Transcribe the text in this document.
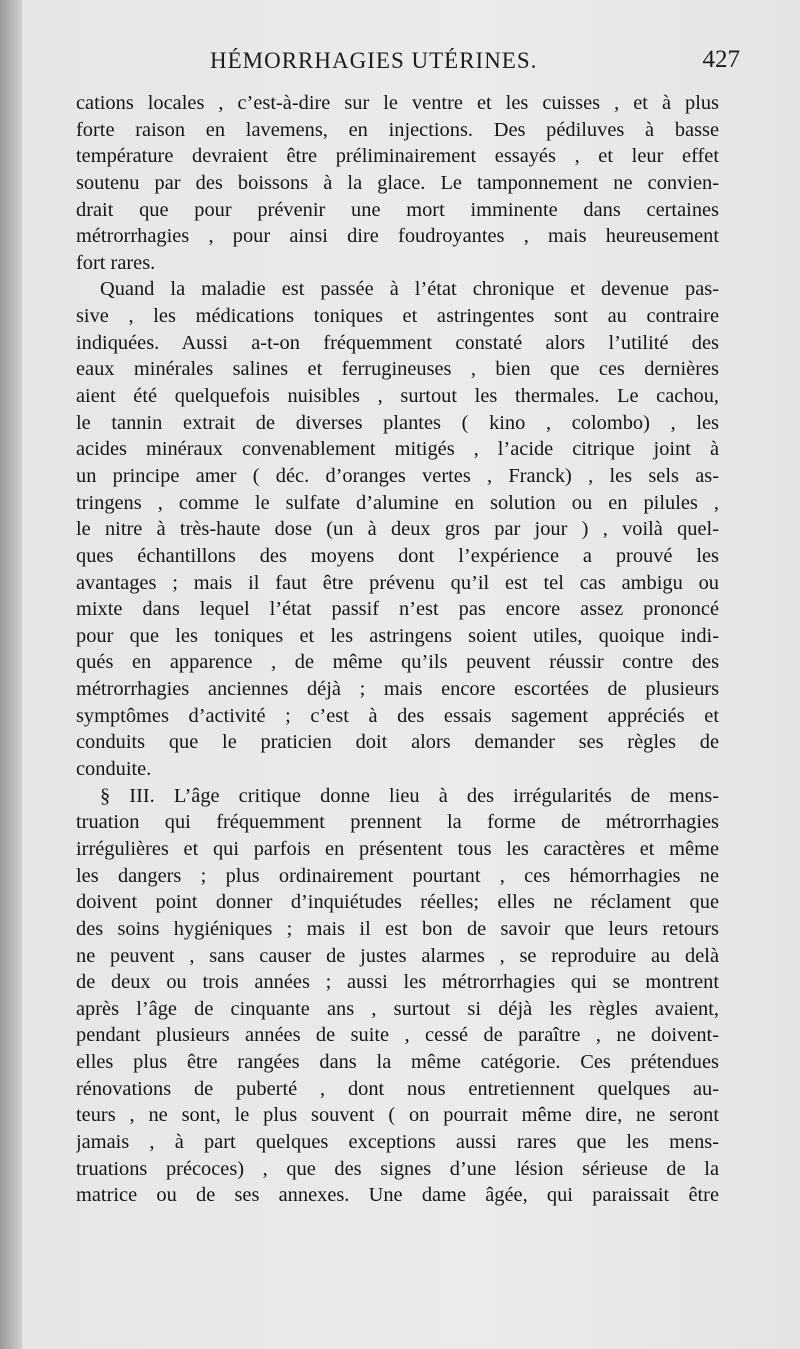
HÉMORRHAGIES UTÉRINES.	427
cations locales , c’est-à-dire sur le ventre et les cuisses , et à plus
forte raison en lavemens, en injections. Des pédiluves à basse
température devraient être préliminairement essayés , et leur effet
soutenu par des boissons à la glace. Le tamponnement ne convien-
drait que pour prévenir une mort imminente dans certaines
métrorrhagies , pour ainsi dire foudroyantes , mais heureusement
fort rares.
Quand la maladie est passée à l’état chronique et devenue pas-
sive , les médications toniques et astringentes sont au contraire
indiquées. Aussi a-t-on fréquemment constaté alors l’utilité des
eaux minérales salines et ferrugineuses , bien que ces dernières
aient été quelquefois nuisibles , surtout les thermales. Le cachou,
le tannin extrait de diverses plantes ( kino , colombo) , les
acides minéraux convenablement mitigés , l’acide citrique joint à
un principe amer ( déc. d’oranges vertes , Franck) , les sels as-
tringens , comme le sulfate d’alumine en solution ou en pilules ,
le nitre à très-haute dose (un à deux gros par jour ) , voilà quel-
ques échantillons des moyens dont l’expérience a prouvé les
avantages ; mais il faut être prévenu qu’il est tel cas ambigu ou
mixte dans lequel l’état passif n’est pas encore assez prononcé
pour que les toniques et les astringens soient utiles, quoique indi-
qués en apparence , de même qu’ils peuvent réussir contre des
métrorrhagies anciennes déjà ; mais encore escortées de plusieurs
symptômes d’activité ; c’est à des essais sagement appréciés et
conduits que le praticien doit alors demander ses règles de
conduite.
§ III. L’âge critique donne lieu à des irrégularités de mens-
truation qui fréquemment prennent la forme de métrorrhagies
irrégulières et qui parfois en présentent tous les caractères et même
les dangers ; plus ordinairement pourtant , ces hémorrhagies ne
doivent point donner d’inquiétudes réelles; elles ne réclament que
des soins hygiéniques ; mais il est bon de savoir que leurs retours
ne peuvent , sans causer de justes alarmes , se reproduire au delà
de deux ou trois années ; aussi les métrorrhagies qui se montrent
après l’âge de cinquante ans , surtout si déjà les règles avaient,
pendant plusieurs années de suite , cessé de paraître , ne doivent-
elles plus être rangées dans la même catégorie. Ces prétendues
rénovations de puberté , dont nous entretiennent quelques au-
teurs , ne sont, le plus souvent ( on pourrait même dire, ne seront
jamais , à part quelques exceptions aussi rares que les mens-
truations précoces) , que des signes d’une lésion sérieuse de la
matrice ou de ses annexes. Une dame âgée, qui paraissait être
